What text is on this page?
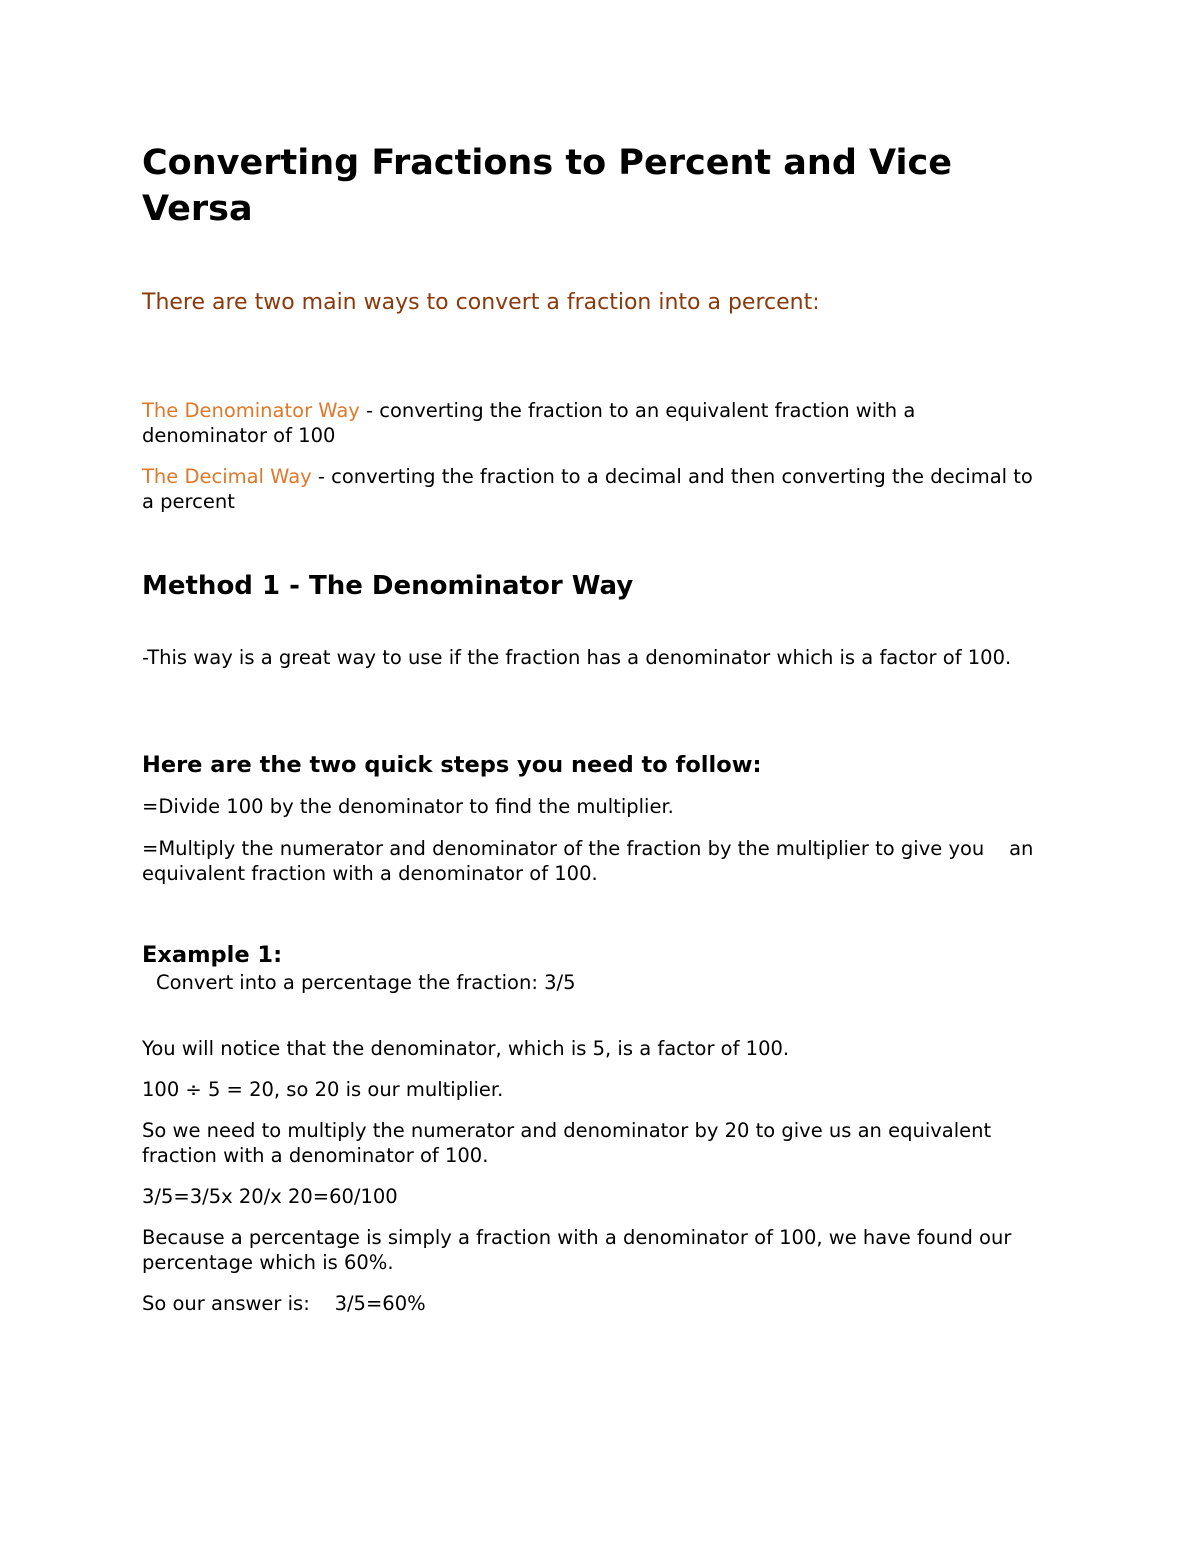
Converting Fractions to Percent and Vice Versa

There are two main ways to convert a fraction into a percent:

The Denominator Way - converting the fraction to an equivalent fraction with a denominator of 100

The Decimal Way - converting the fraction to a decimal and then converting the decimal to a percent

Method 1 - The Denominator Way

-This way is a great way to use if the fraction has a denominator which is a factor of 100.

Here are the two quick steps you need to follow:

=Divide 100 by the denominator to find the multiplier.

=Multiply the numerator and denominator of the fraction by the multiplier to give you    an equivalent fraction with a denominator of 100.

Example 1:
Convert into a percentage the fraction: 3/5

You will notice that the denominator, which is 5, is a factor of 100.

100 ÷ 5 = 20, so 20 is our multiplier.

So we need to multiply the numerator and denominator by 20 to give us an equivalent fraction with a denominator of 100.

3/5=3/5x 20/x 20=60/100

Because a percentage is simply a fraction with a denominator of 100, we have found our percentage which is 60%.

So our answer is:    3/5=60%
